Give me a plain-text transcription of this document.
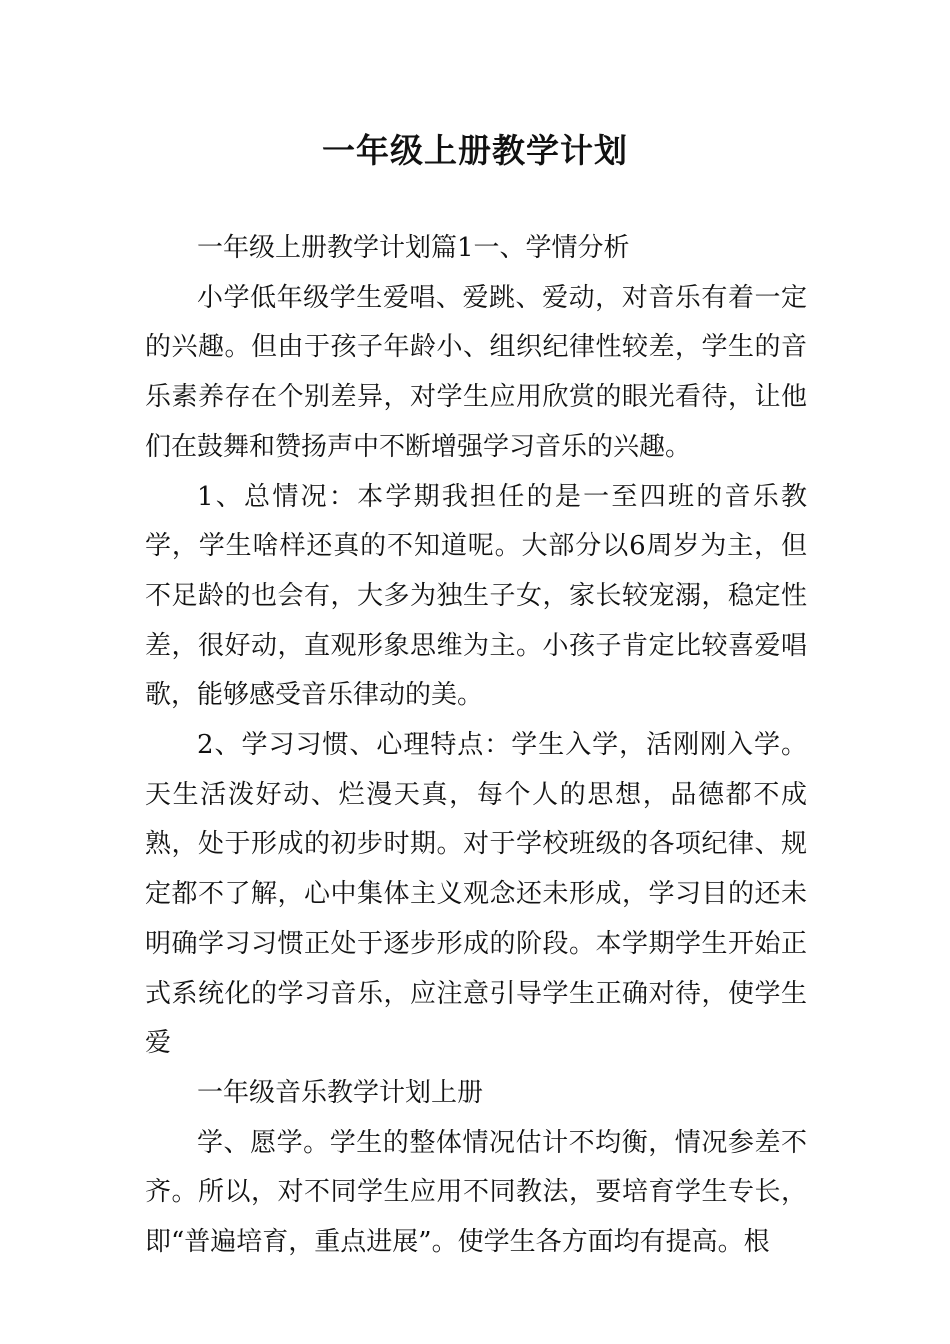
一年级上册教学计划

一年级上册教学计划篇1一、学情分析

小学低年级学生爱唱、爱跳、爱动，对音乐有着一定的兴趣。但由于孩子年龄小、组织纪律性较差，学生的音乐素养存在个别差异，对学生应用欣赏的眼光看待，让他们在鼓舞和赞扬声中不断增强学习音乐的兴趣。

1、总情况：本学期我担任的是一至四班的音乐教学，学生啥样还真的不知道呢。大部分以6周岁为主，但不足龄的也会有，大多为独生子女，家长较宠溺，稳定性差，很好动，直观形象思维为主。小孩子肯定比较喜爱唱歌，能够感受音乐律动的美。

2、学习习惯、心理特点：学生入学，活刚刚入学。天生活泼好动、烂漫天真，每个人的思想，品德都不成熟，处于形成的初步时期。对于学校班级的各项纪律、规定都不了解，心中集体主义观念还未形成，学习目的还未明确学习习惯正处于逐步形成的阶段。本学期学生开始正式系统化的学习音乐，应注意引导学生正确对待，使学生爱

一年级音乐教学计划上册

学、愿学。学生的整体情况估计不均衡，情况参差不齐。所以，对不同学生应用不同教法，要培育学生专长，即“普遍培育，重点进展”。使学生各方面均有提高。根
